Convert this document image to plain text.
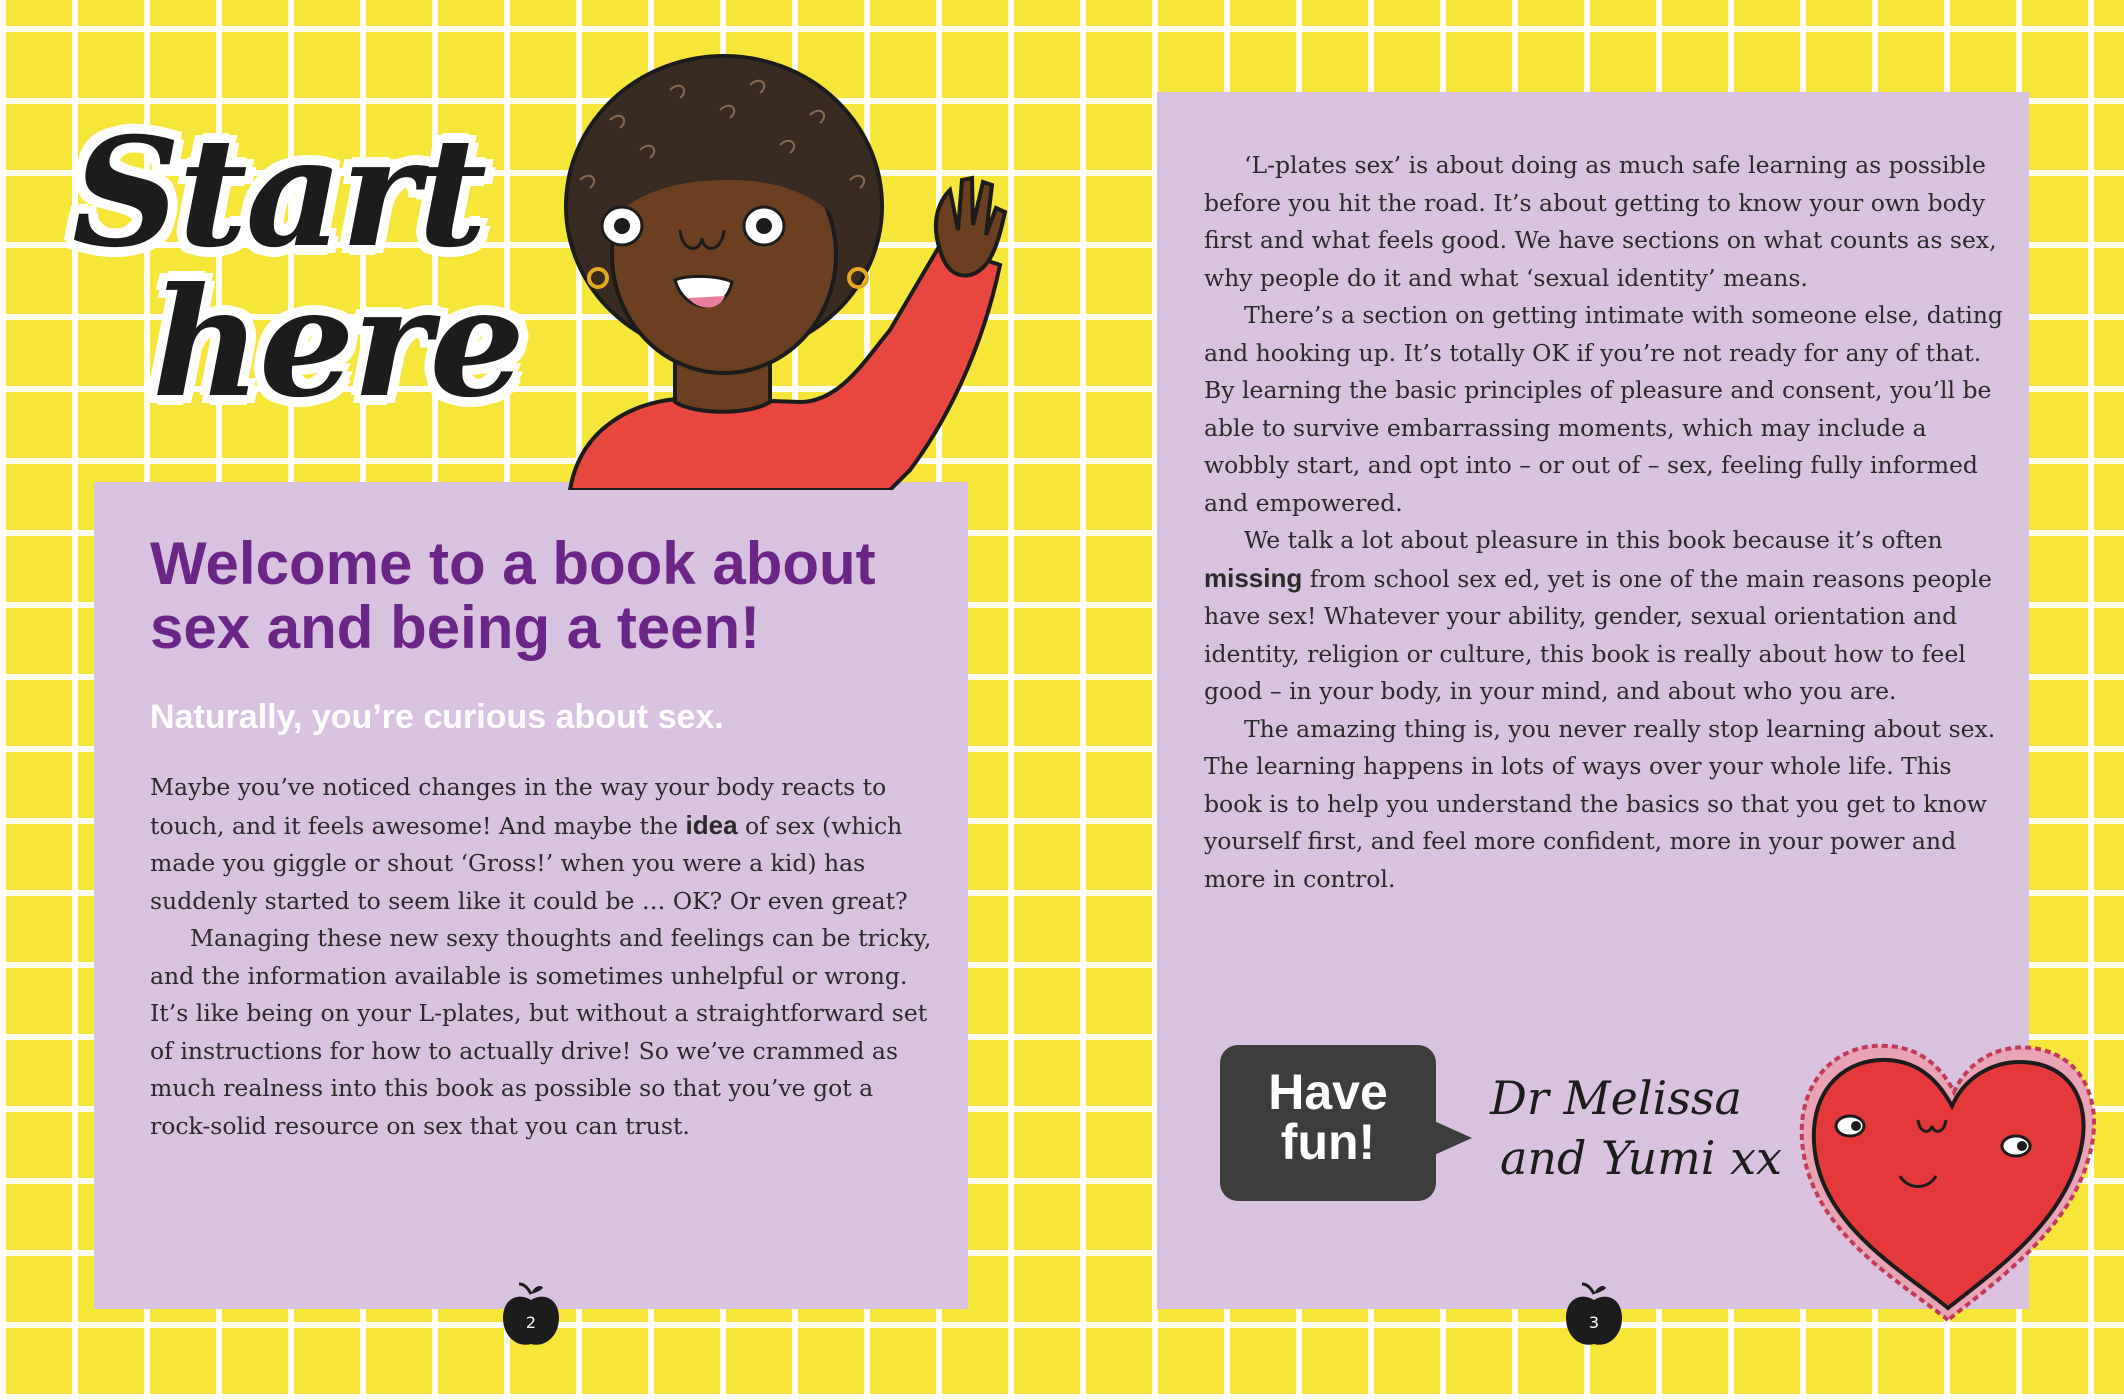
Start
here
Welcome to a book about sex and being a teen!
Naturally, you’re curious about sex.

Maybe you’ve noticed changes in the way your body reacts to touch, and it feels awesome! And maybe the idea of sex (which made you giggle or shout ‘Gross!’ when you were a kid) has suddenly started to seem like it could be … OK? Or even great?

Managing these new sexy thoughts and feelings can be tricky, and the information available is sometimes unhelpful or wrong. It’s like being on your L-plates, but without a straightforward set of instructions for how to actually drive! So we’ve crammed as much realness into this book as possible so that you’ve got a rock-solid resource on sex that you can trust.

2

‘L-plates sex’ is about doing as much safe learning as possible before you hit the road. It’s about getting to know your own body first and what feels good. We have sections on what counts as sex, why people do it and what ‘sexual identity’ means.

There’s a section on getting intimate with someone else, dating and hooking up. It’s totally OK if you’re not ready for any of that. By learning the basic principles of pleasure and consent, you’ll be able to survive embarrassing moments, which may include a wobbly start, and opt into – or out of – sex, feeling fully informed and empowered.

We talk a lot about pleasure in this book because it’s often missing from school sex ed, yet is one of the main reasons people have sex! Whatever your ability, gender, sexual orientation and identity, religion or culture, this book is really about how to feel good – in your body, in your mind, and about who you are.

The amazing thing is, you never really stop learning about sex. The learning happens in lots of ways over your whole life. This book is to help you understand the basics so that you get to know yourself first, and feel more confident, more in your power and more in control.

Have
fun!
Dr Melissa
and Yumi xx
3
